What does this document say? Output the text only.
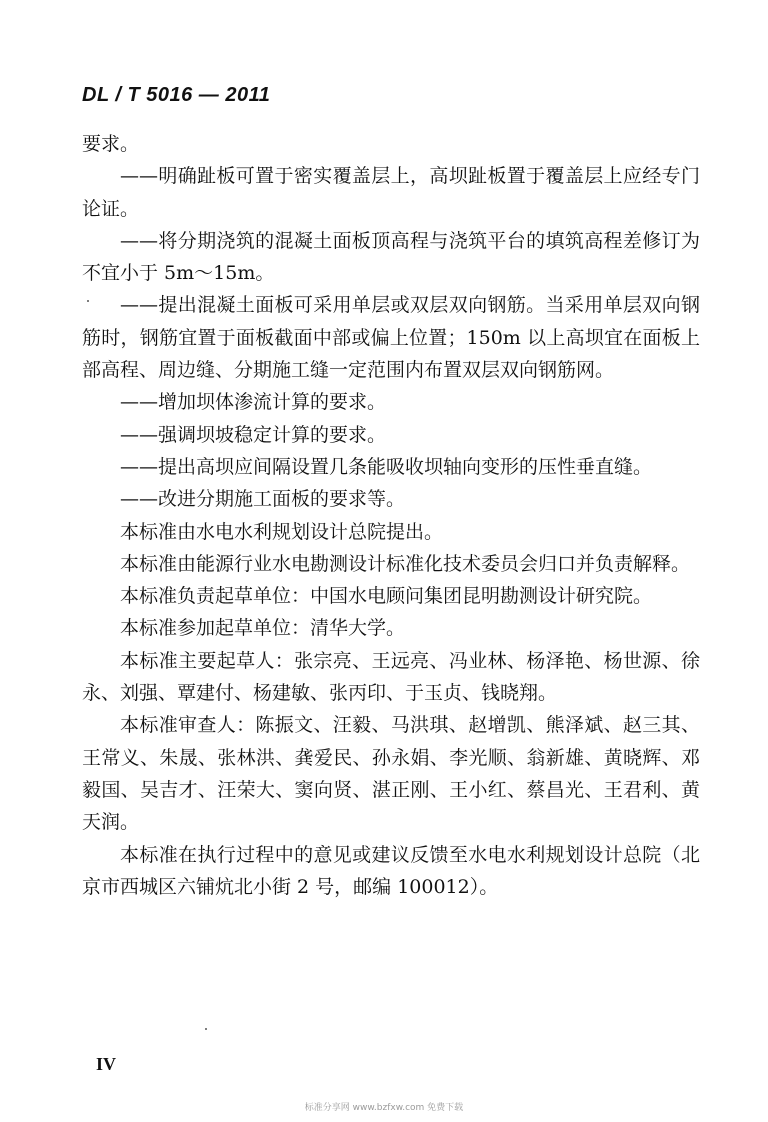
DL / T 5016 — 2011

要求。

——明确趾板可置于密实覆盖层上，高坝趾板置于覆盖层上应经专门论证。

——将分期浇筑的混凝土面板顶高程与浇筑平台的填筑高程差修订为不宜小于 5m～15m。

——提出混凝土面板可采用单层或双层双向钢筋。当采用单层双向钢筋时，钢筋宜置于面板截面中部或偏上位置；150m 以上高坝宜在面板上部高程、周边缝、分期施工缝一定范围内布置双层双向钢筋网。

——增加坝体渗流计算的要求。

——强调坝坡稳定计算的要求。

——提出高坝应间隔设置几条能吸收坝轴向变形的压性垂直缝。

——改进分期施工面板的要求等。

本标准由水电水利规划设计总院提出。

本标准由能源行业水电勘测设计标准化技术委员会归口并负责解释。

本标准负责起草单位：中国水电顾问集团昆明勘测设计研究院。

本标准参加起草单位：清华大学。

本标准主要起草人：张宗亮、王远亮、冯业林、杨泽艳、杨世源、徐永、刘强、覃建付、杨建敏、张丙印、于玉贞、钱晓翔。

本标准审查人：陈振文、汪毅、马洪琪、赵增凯、熊泽斌、赵三其、王常义、朱晟、张林洪、龚爱民、孙永娟、李光顺、翁新雄、黄晓辉、邓毅国、吴吉才、汪荣大、窦向贤、湛正刚、王小红、蔡昌光、王君利、黄天润。

本标准在执行过程中的意见或建议反馈至水电水利规划设计总院（北京市西城区六铺炕北小街 2 号，邮编 100012）。

IV
标准分享网 www.bzfxw.com 免费下载
